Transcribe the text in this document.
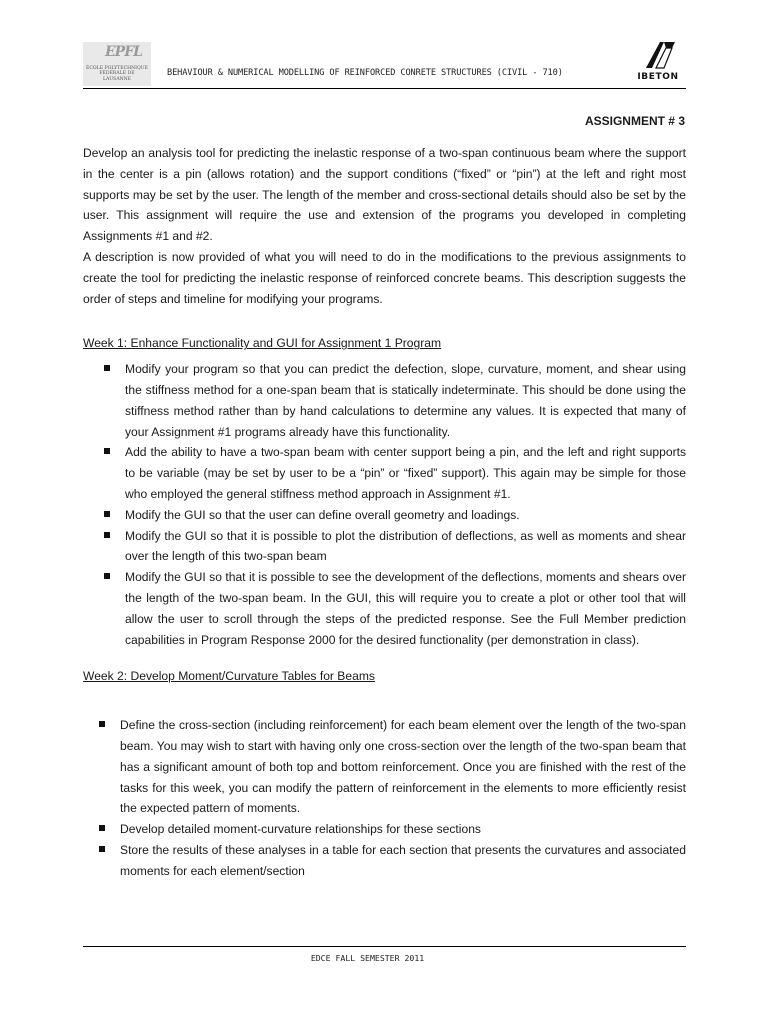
EPFL
ÉCOLE POLYTECHNIQUE FÉDÉRALE DE LAUSANNE
BEHAVIOUR & NUMERICAL MODELLING OF REINFORCED CONRETE STRUCTURES (CIVIL - 710)	IBETON
ASSIGNMENT # 3

Develop an analysis tool for predicting the inelastic response of a two-span continuous beam where the support in the center is a pin (allows rotation) and the support conditions (“fixed” or “pin”) at the left and right most supports may be set by the user. The length of the member and cross-sectional details should also be set by the user. This assignment will require the use and extension of the programs you developed in completing Assignments #1 and #2.

A description is now provided of what you will need to do in the modifications to the previous assignments to create the tool for predicting the inelastic response of reinforced concrete beams. This description suggests the order of steps and timeline for modifying your programs.

Week 1: Enhance Functionality and GUI for Assignment 1 Program

Modify your program so that you can predict the defection, slope, curvature, moment, and shear using the stiffness method for a one-span beam that is statically indeterminate. This should be done using the stiffness method rather than by hand calculations to determine any values. It is expected that many of your Assignment #1 programs already have this functionality.
Add the ability to have a two-span beam with center support being a pin, and the left and right supports to be variable (may be set by user to be a “pin” or “fixed” support). This again may be simple for those who employed the general stiffness method approach in Assignment #1.
Modify the GUI so that the user can define overall geometry and loadings.
Modify the GUI so that it is possible to plot the distribution of deflections, as well as moments and shear over the length of this two-span beam
Modify the GUI so that it is possible to see the development of the deflections, moments and shears over the length of the two-span beam. In the GUI, this will require you to create a plot or other tool that will allow the user to scroll through the steps of the predicted response. See the Full Member prediction capabilities in Program Response 2000 for the desired functionality (per demonstration in class).

Week 2: Develop Moment/Curvature Tables for Beams

Define the cross-section (including reinforcement) for each beam element over the length of the two-span beam. You may wish to start with having only one cross-section over the length of the two-span beam that has a significant amount of both top and bottom reinforcement. Once you are finished with the rest of the tasks for this week, you can modify the pattern of reinforcement in the elements to more efficiently resist the expected pattern of moments.
Develop detailed moment-curvature relationships for these sections
Store the results of these analyses in a table for each section that presents the curvatures and associated moments for each element/section
EDCE FALL SEMESTER 2011
